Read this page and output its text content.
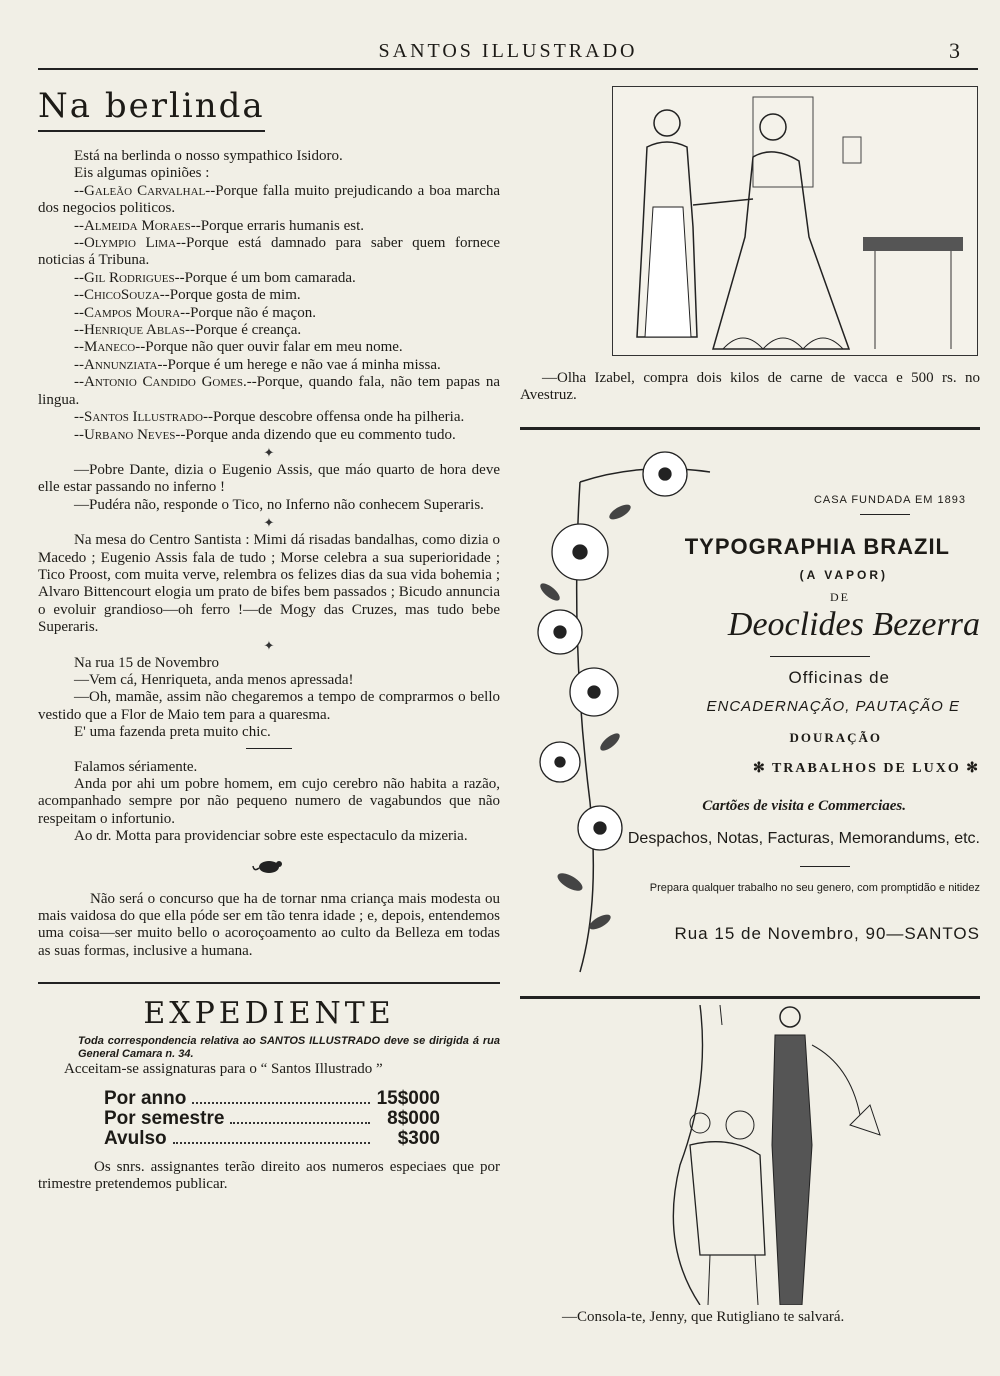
SANTOS ILLUSTRADO	3
Na berlinda

Está na berlinda o nosso sympathico Isidoro.

Eis algumas opiniões :

--Galeão Carvalhal--Porque falla muito prejudicando a boa marcha dos negocios politicos.

--Almeida Moraes--Porque erraris humanis est.

--Olympio Lima--Porque está damnado para saber quem fornece noticias á Tribuna.

--Gil Rodrigues--Porque é um bom camarada.

--ChicoSouza--Porque gosta de mim.

--Campos Moura--Porque não é maçon.

--Henrique Ablas--Porque é creança.

--Maneco--Porque não quer ouvir falar em meu nome.

--Annunziata--Porque é um herege e não vae á minha missa.

--Antonio Candido Gomes.--Porque, quando fala, não tem papas na lingua.

--Santos Illustrado--Porque descobre offensa onde ha pilheria.

--Urbano Neves--Porque anda dizendo que eu commento tudo.

✦

—Pobre Dante, dizia o Eugenio Assis, que máo quarto de hora deve elle estar passando no inferno !

—Pudéra não, responde o Tico, no Inferno não conhecem Superaris.

✦

Na mesa do Centro Santista : Mimi dá risadas bandalhas, como dizia o Macedo ; Eugenio Assis fala de tudo ; Morse celebra a sua superioridade ; Tico Proost, com muita verve, relembra os felizes dias da sua vida bohemia ; Alvaro Bittencourt elogia um prato de bifes bem passados ; Bicudo annuncia o evoluir grandioso—oh ferro !—de Mogy das Cruzes, mas tudo bebe Superaris.

✦

Na rua 15 de Novembro

—Vem cá, Henriqueta, anda menos apressada!

—Oh, mamãe, assim não chegaremos a tempo de comprarmos o bello vestido que a Flor de Maio tem para a quaresma.

E' uma fazenda preta muito chic.

Falamos sériamente.

Anda por ahi um pobre homem, em cujo cerebro não habita a razão, acompanhado sempre por não pequeno numero de vagabundos que não respeitam o infortunio.

Ao dr. Motta para providenciar sobre este espectaculo da mizeria.

Não será o concurso que ha de tornar nma criança mais modesta ou mais vaidosa do que ella póde ser em tão tenra idade ; e, depois, entendemos uma coisa—ser muito bello o acoroçoamento ao culto da Belleza em todas as suas formas, inclusive a humana.

EXPEDIENTE
Toda correspondencia relativa ao SANTOS ILLUSTRADO deve se dirigida á rua General Camara n. 34.

Acceitam-se assignaturas para o “ Santos Illustrado ”

Por anno	15$000
Por semestre	8$000
Avulso	$300

Os snrs. assignantes terão direito aos numeros especiaes que por trimestre pretendemos publicar.

—Olha Izabel, compra dois kilos de carne de vacca e 500 rs. no Avestruz.
CASA FUNDADA EM 1893
TYPOGRAPHIA BRAZIL
(A VAPOR)
DE
Deoclides Bezerra
Officinas de
ENCADERNAÇÃO, PAUTAÇÃO E
DOURAÇÃO
✻ TRABALHOS DE LUXO ✻
Cartões de visita e Commerciaes.
Despachos, Notas, Facturas, Memorandums, etc.
Prepara qualquer trabalho no seu genero, com promptidão e nitidez
Rua 15 de Novembro, 90—SANTOS
—Consola-te, Jenny, que Rutigliano te salvará.
